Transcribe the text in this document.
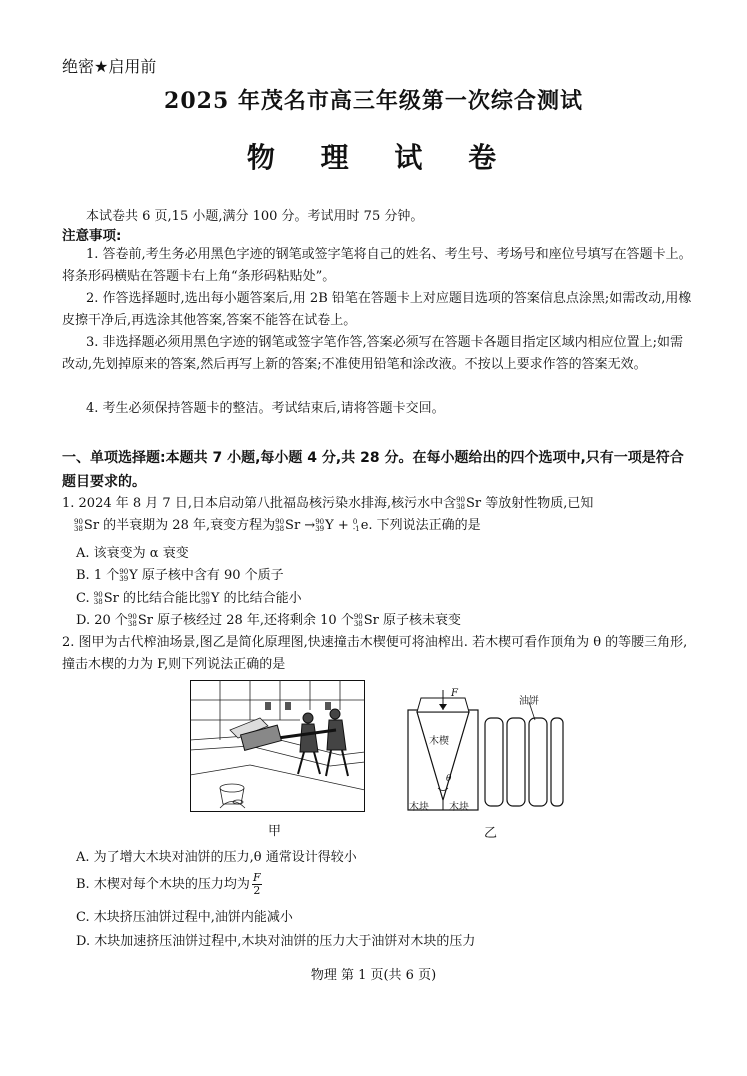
绝密★启用前
2025 年茂名市高三年级第一次综合测试
物 理 试 卷
本试卷共 6 页,15 小题,满分 100 分。考试用时 75 分钟。
注意事项:
1. 答卷前,考生务必用黑色字迹的钢笔或签字笔将自己的姓名、考生号、考场号和座位号填写在答题卡上。将条形码横贴在答题卡右上角“条形码粘贴处”。
2. 作答选择题时,选出每小题答案后,用 2B 铅笔在答题卡上对应题目选项的答案信息点涂黑;如需改动,用橡皮擦干净后,再选涂其他答案,答案不能答在试卷上。
3. 非选择题必须用黑色字迹的钢笔或签字笔作答,答案必须写在答题卡各题目指定区域内相应位置上;如需改动,先划掉原来的答案,然后再写上新的答案;不准使用铅笔和涂改液。不按以上要求作答的答案无效。
4. 考生必须保持答题卡的整洁。考试结束后,请将答题卡交回。
一、单项选择题:本题共 7 小题,每小题 4 分,共 28 分。在每小题给出的四个选项中,只有一项是符合题目要求的。
1. 2024 年 8 月 7 日,日本启动第八批福岛核污染水排海,核污水中含 90
38 Sr 等放射性物质,已知

90
38 Sr 的半衰期为 28 年,衰变方程为 90
38 Sr → 90
39 Y + 0
-1 e. 下列说法正确的是
A. 该衰变为 α 衰变
B. 1 个 90
39 Y 原子核中含有 90 个质子
C. 90
38 Sr 的比结合能比 90
39 Y 的比结合能小
D. 20 个 90
38 Sr 原子核经过 28 年,还将剩余 10 个 90
38 Sr 原子核未衰变
2. 图甲为古代榨油场景,图乙是简化原理图,快速撞击木楔便可将油榨出. 若木楔可看作顶角为 θ 的等腰三角形,撞击木楔的力为 F,则下列说法正确的是
甲
F
木楔
θ
木块 木块
油饼
乙
A. 为了增大木块对油饼的压力,θ 通常设计得较小
B. 木楔对每个木块的压力均为 $\frac{F}{2}$
C. 木块挤压油饼过程中,油饼内能减小
D. 木块加速挤压油饼过程中,木块对油饼的压力大于油饼对木块的压力
物理 第 1 页(共 6 页)
